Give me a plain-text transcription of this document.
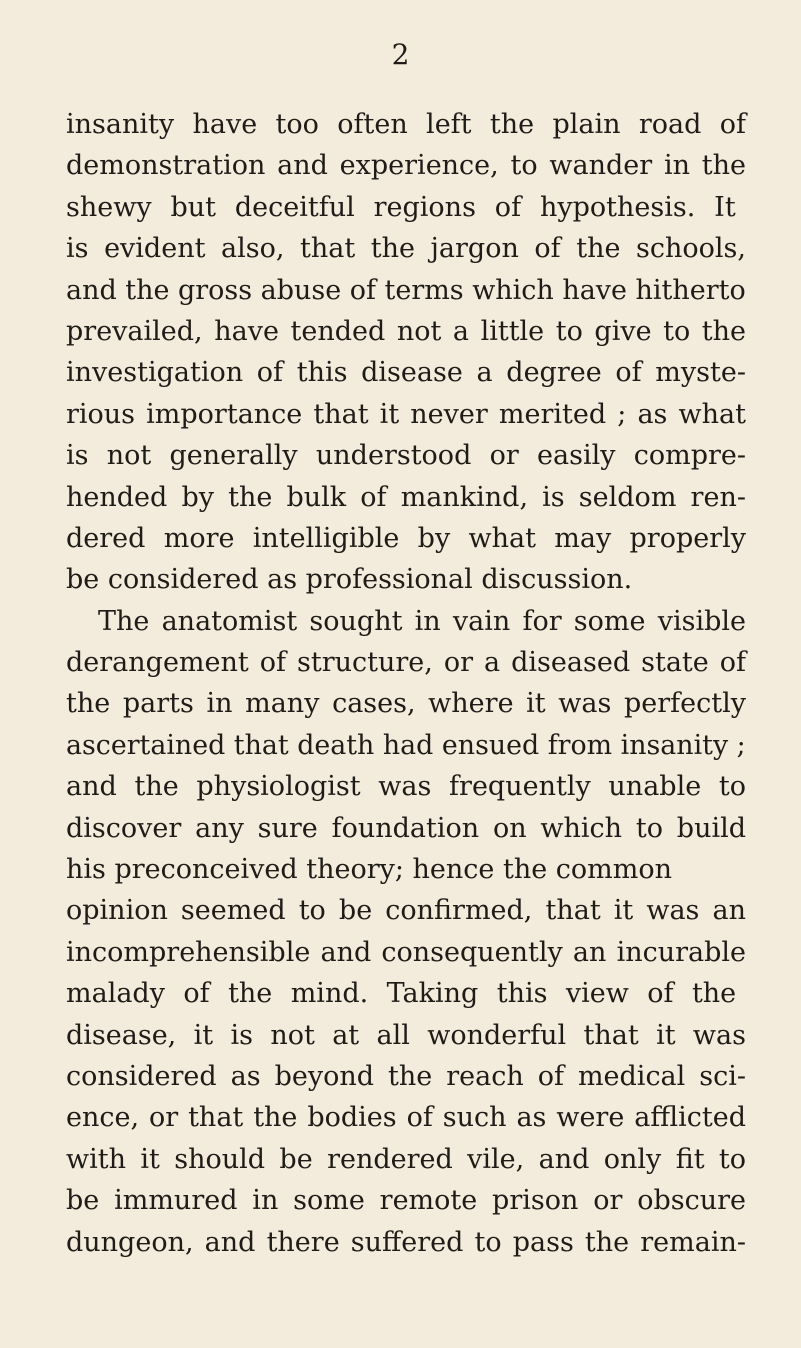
2
insanity have too often left the plain road of
demonstration and experience, to wander in the
shewy but deceitful regions of hypothesis. It
is evident also, that the jargon of the schools,
and the gross abuse of terms which have hitherto
prevailed, have tended not a little to give to the
investigation of this disease a degree of myste-
rious importance that it never merited ; as what
is not generally understood or easily compre-
hended by the bulk of mankind, is seldom ren-
dered more intelligible by what may properly
be considered as professional discussion.
The anatomist sought in vain for some visible
derangement of structure, or a diseased state of
the parts in many cases, where it was perfectly
ascertained that death had ensued from insanity ;
and the physiologist was frequently unable to
discover any sure foundation on which to build
his preconceived theory; hence the common
opinion seemed to be confirmed, that it was an
incomprehensible and consequently an incurable
malady of the mind. Taking this view of the
disease, it is not at all wonderful that it was
considered as beyond the reach of medical sci-
ence, or that the bodies of such as were afflicted
with it should be rendered vile, and only fit to
be immured in some remote prison or obscure
dungeon, and there suffered to pass the remain-
